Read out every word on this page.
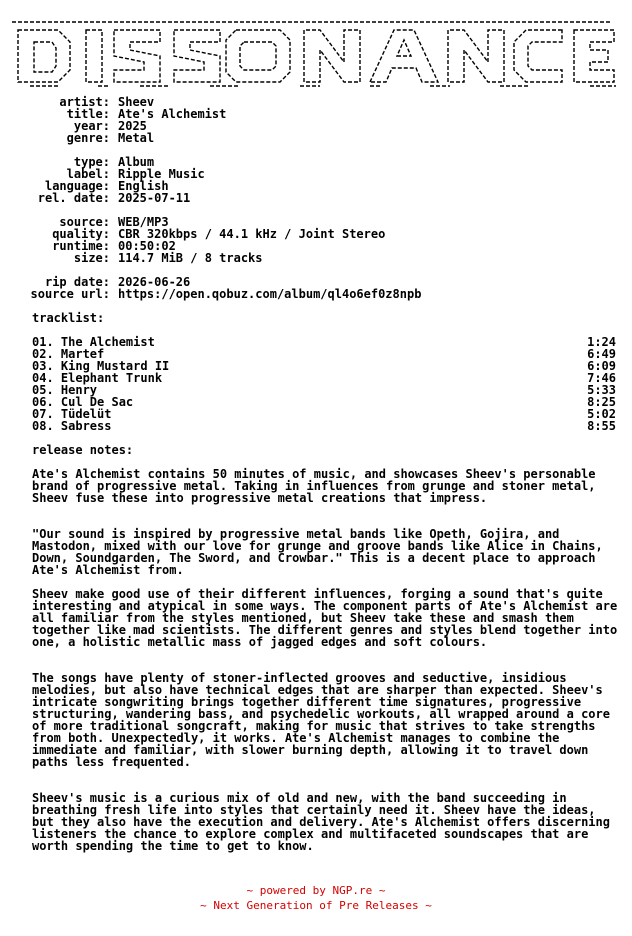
artist: Sheev
title: Ate's Alchemist
year: 2025
genre: Metal
type: Album
label: Ripple Music
language: English
rel. date: 2025-07-11
source: WEB/MP3
quality: CBR 320kbps / 44.1 kHz / Joint Stereo
runtime: 00:50:02
size: 114.7 MiB / 8 tracks
rip date: 2026-06-26
source url: https://open.qobuz.com/album/ql4o6ef0z8npb
tracklist:
01. The Alchemist	1:24
02. Martef	6:49
03. King Mustard II	6:09
04. Elephant Trunk	7:46
05. Henry	5:33
06. Cul De Sac	8:25
07. Tüdelüt	5:02
08. Sabress	8:55
release notes:
Ate's Alchemist contains 50 minutes of music, and showcases Sheev's personable brand of progressive metal. Taking in influences from grunge and stoner metal, Sheev fuse these into progressive metal creations that impress.
"Our sound is inspired by progressive metal bands like Opeth, Gojira, and Mastodon, mixed with our love for grunge and groove bands like Alice in Chains, Down, Soundgarden, The Sword, and Crowbar." This is a decent place to approach Ate's Alchemist from.
Sheev make good use of their different influences, forging a sound that's quite interesting and atypical in some ways. The component parts of Ate's Alchemist are all familiar from the styles mentioned, but Sheev take these and smash them together like mad scientists. The different genres and styles blend together into one, a holistic metallic mass of jagged edges and soft colours.
The songs have plenty of stoner-inflected grooves and seductive, insidious melodies, but also have technical edges that are sharper than expected. Sheev's intricate songwriting brings together different time signatures, progressive structuring, wandering bass, and psychedelic workouts, all wrapped around a core of more traditional songcraft, making for music that strives to take strengths from both. Unexpectedly, it works. Ate's Alchemist manages to combine the immediate and familiar, with slower burning depth, allowing it to travel down paths less frequented.
Sheev's music is a curious mix of old and new, with the band succeeding in breathing fresh life into styles that certainly need it. Sheev have the ideas, but they also have the execution and delivery. Ate's Alchemist offers discerning listeners the chance to explore complex and multifaceted soundscapes that are worth spending the time to get to know.
~ powered by NGP.re ~
~ Next Generation of Pre Releases ~
